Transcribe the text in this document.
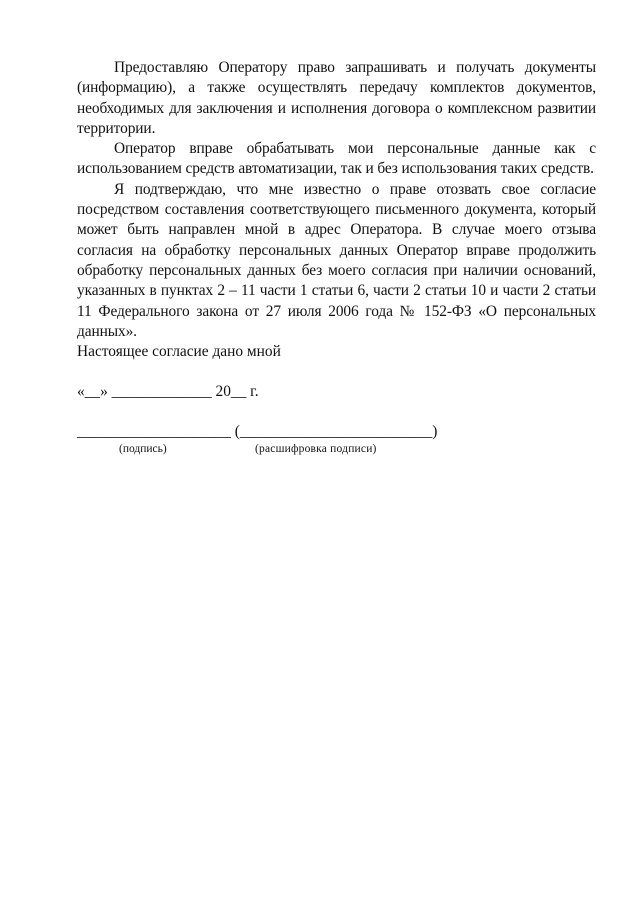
Предоставляю Оператору право запрашивать и получать документы (информацию), а также осуществлять передачу комплектов документов, необходимых для заключения и исполнения договора о комплексном развитии территории.

Оператор вправе обрабатывать мои персональные данные как с использованием средств автоматизации, так и без использования таких средств.

Я подтверждаю, что мне известно о праве отозвать свое согласие посредством составления соответствующего письменного документа, который может быть направлен мной в адрес Оператора. В случае моего отзыва согласия на обработку персональных данных Оператор вправе продолжить обработку персональных данных без моего согласия при наличии оснований, указанных в пунктах 2 – 11 части 1 статьи 6, части 2 статьи 10 и части 2 статьи 11 Федерального закона от 27 июля 2006 года № 152-ФЗ «О персональных данных».

Настоящее согласие дано мной

«__» _____________ 20__ г.

____________________ (_________________________)

(подпись)	(расшифровка подписи)
